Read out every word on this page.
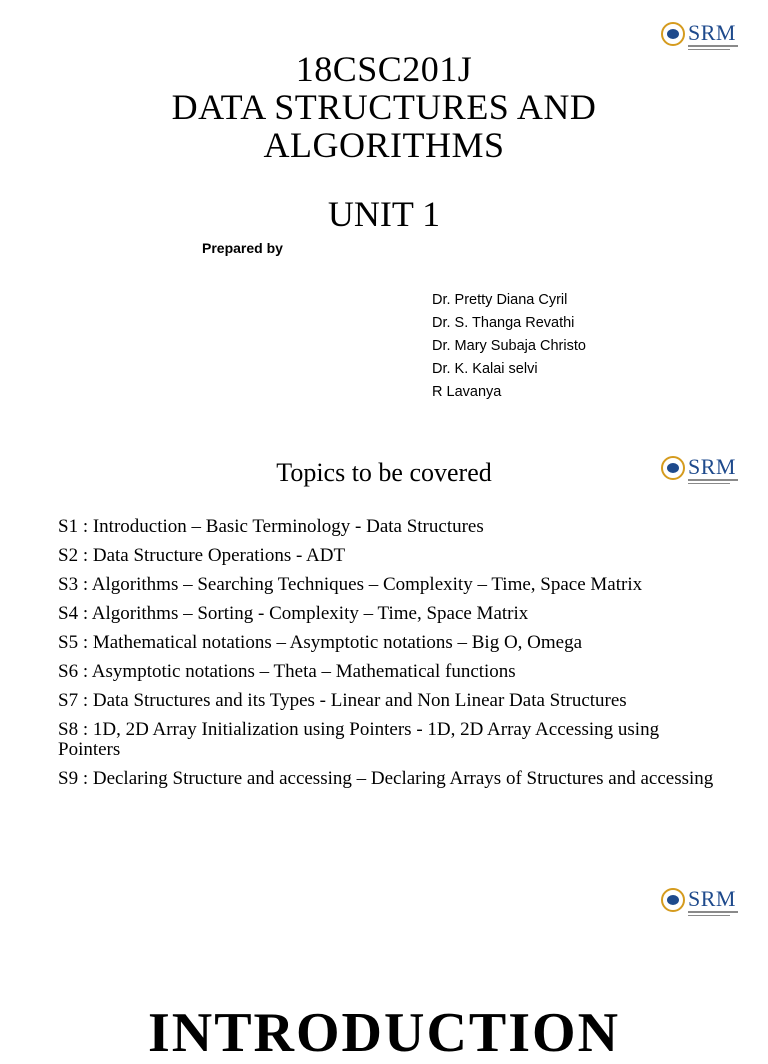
SRM
18CSC201J
DATA STRUCTURES AND
ALGORITHMS
UNIT 1
Prepared by
Dr. Pretty Diana Cyril
Dr. S. Thanga Revathi
Dr. Mary Subaja Christo
Dr. K. Kalai selvi
R Lavanya
SRM
Topics to be covered
S1 : Introduction – Basic Terminology - Data Structures
S2 : Data Structure Operations - ADT
S3 : Algorithms – Searching Techniques – Complexity – Time, Space Matrix
S4 : Algorithms – Sorting - Complexity – Time, Space Matrix
S5 : Mathematical notations – Asymptotic notations – Big O, Omega
S6 : Asymptotic notations – Theta – Mathematical functions
S7 : Data Structures and its Types - Linear and Non Linear Data Structures
S8 : 1D, 2D Array Initialization using Pointers - 1D, 2D Array Accessing using Pointers
S9 : Declaring Structure and accessing – Declaring Arrays of Structures and accessing
SRM
INTRODUCTION
